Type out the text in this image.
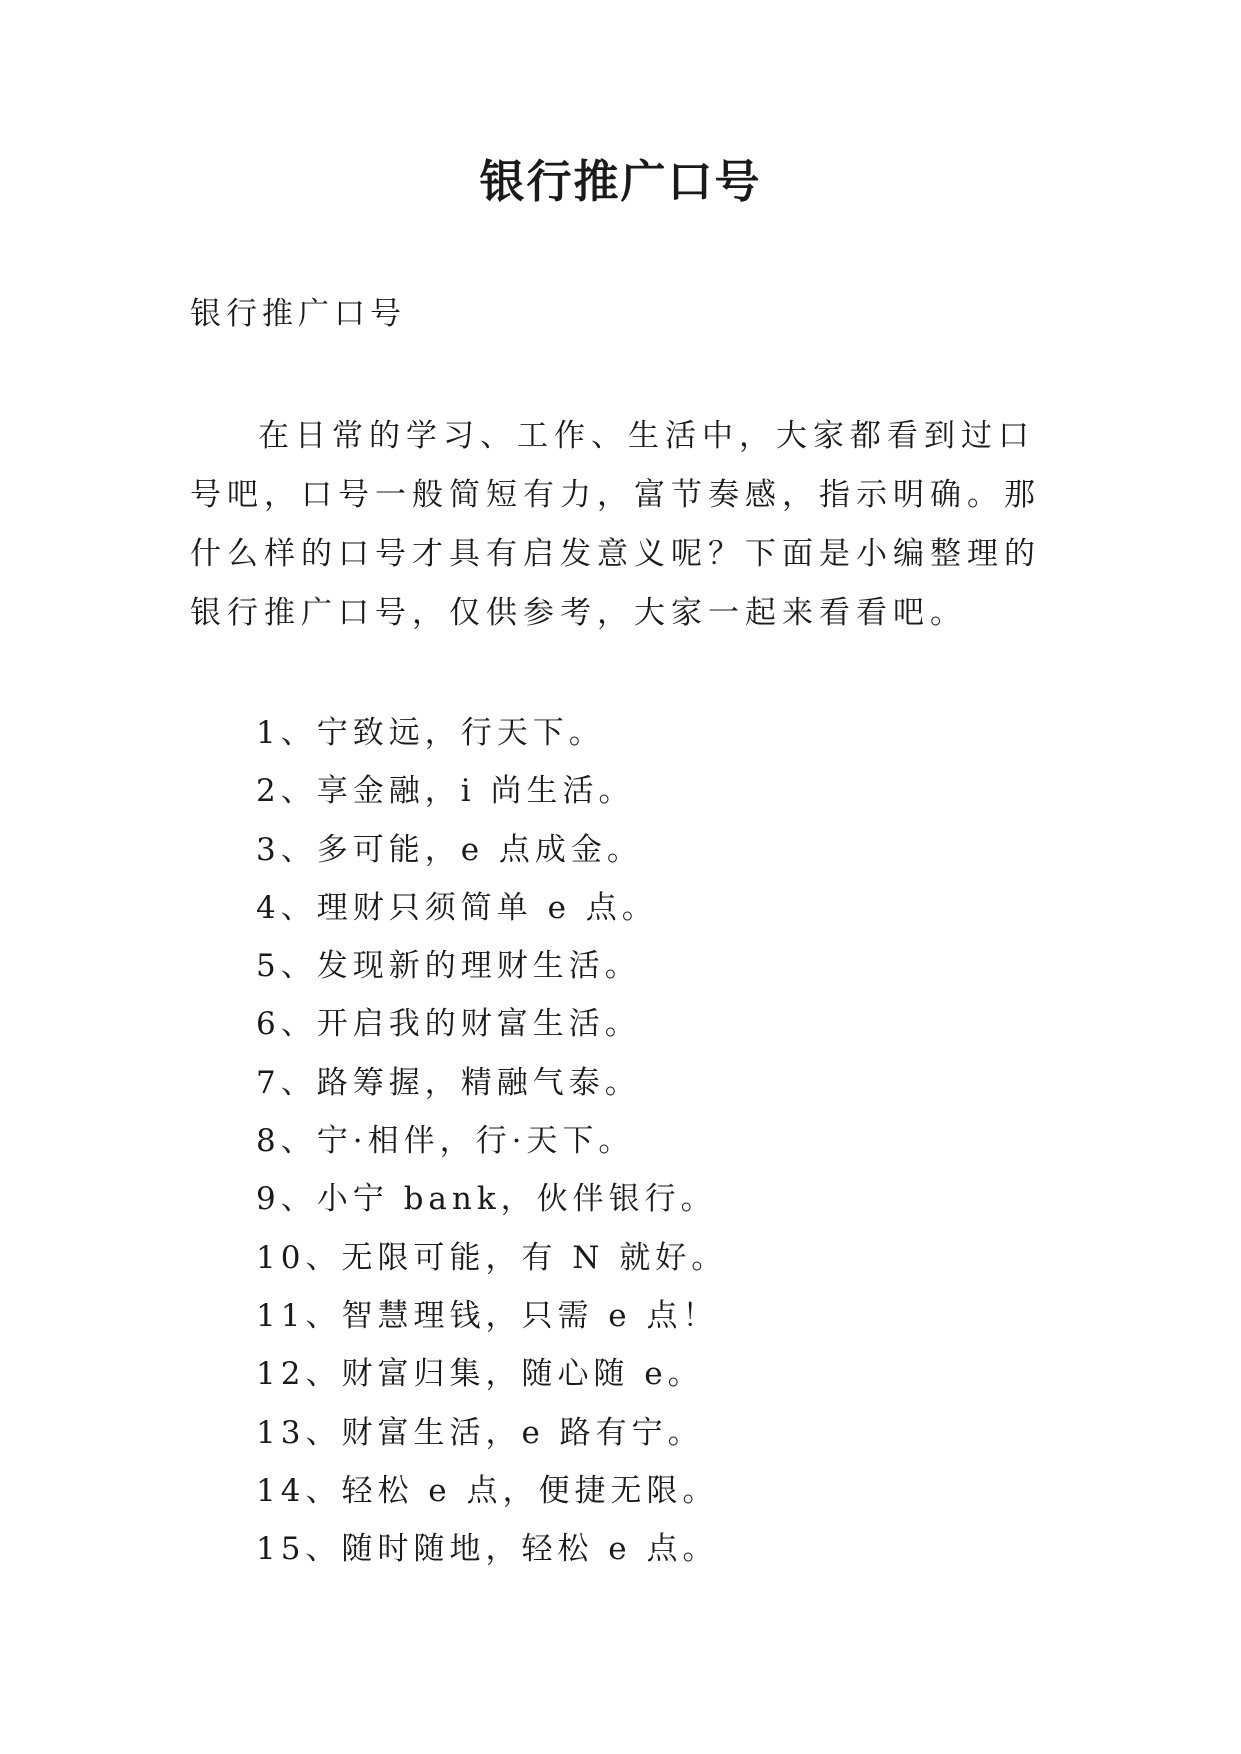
银行推广口号

银行推广口号

在日常的学习、工作、生活中，大家都看到过口号吧，口号一般简短有力，富节奏感，指示明确。那什么样的口号才具有启发意义呢？下面是小编整理的银行推广口号，仅供参考，大家一起来看看吧。

1、宁致远，行天下。
2、享金融，i 尚生活。
3、多可能，e 点成金。
4、理财只须简单 e 点。
5、发现新的理财生活。
6、开启我的财富生活。
7、路筹握，精融气泰。
8、宁·相伴，行·天下。
9、小宁 bank，伙伴银行。
10、无限可能，有 N 就好。
11、智慧理钱，只需 e 点！
12、财富归集，随心随 e。
13、财富生活，e 路有宁。
14、轻松 e 点，便捷无限。
15、随时随地，轻松 e 点。
